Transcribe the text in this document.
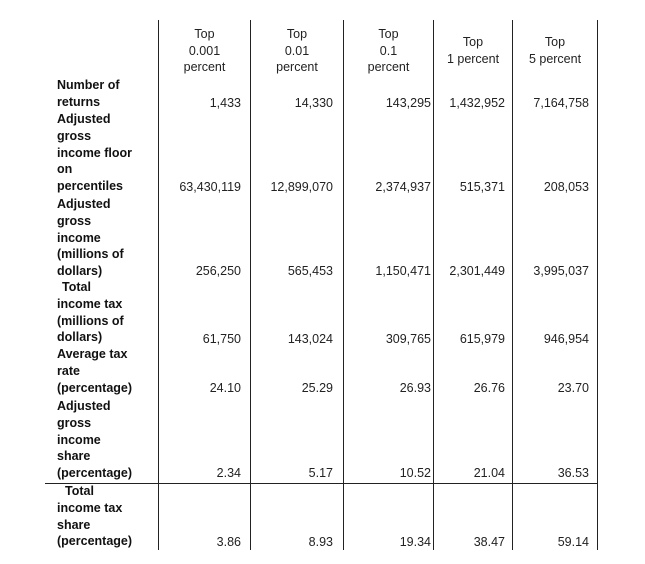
Top
0.001
percent
Top
0.01
percent
Top
0.1
percent
Top
1 percent
Top
5 percent
Number of
returns	1,433	14,330	143,295 1,432,952 7,164,758
Adjusted
gross
income floor
on
percentiles	63,430,119 12,899,070	2,374,937 515,371	208,053
Adjusted
gross
income
(millions of
dollars)	256,250	565,453	1,150,471 2,301,449 3,995,037
Total
income tax
(millions of
dollars)	61,750	143,024	309,765 615,979	946,954
Average tax
rate
(percentage)	24.10	25.29	26.93	26.76	23.70
Adjusted
gross
income
share
(percentage)	2.34	5.17	10.52	21.04	36.53
Total
income tax
share
(percentage)	3.86	8.93	19.34	38.47	59.14
